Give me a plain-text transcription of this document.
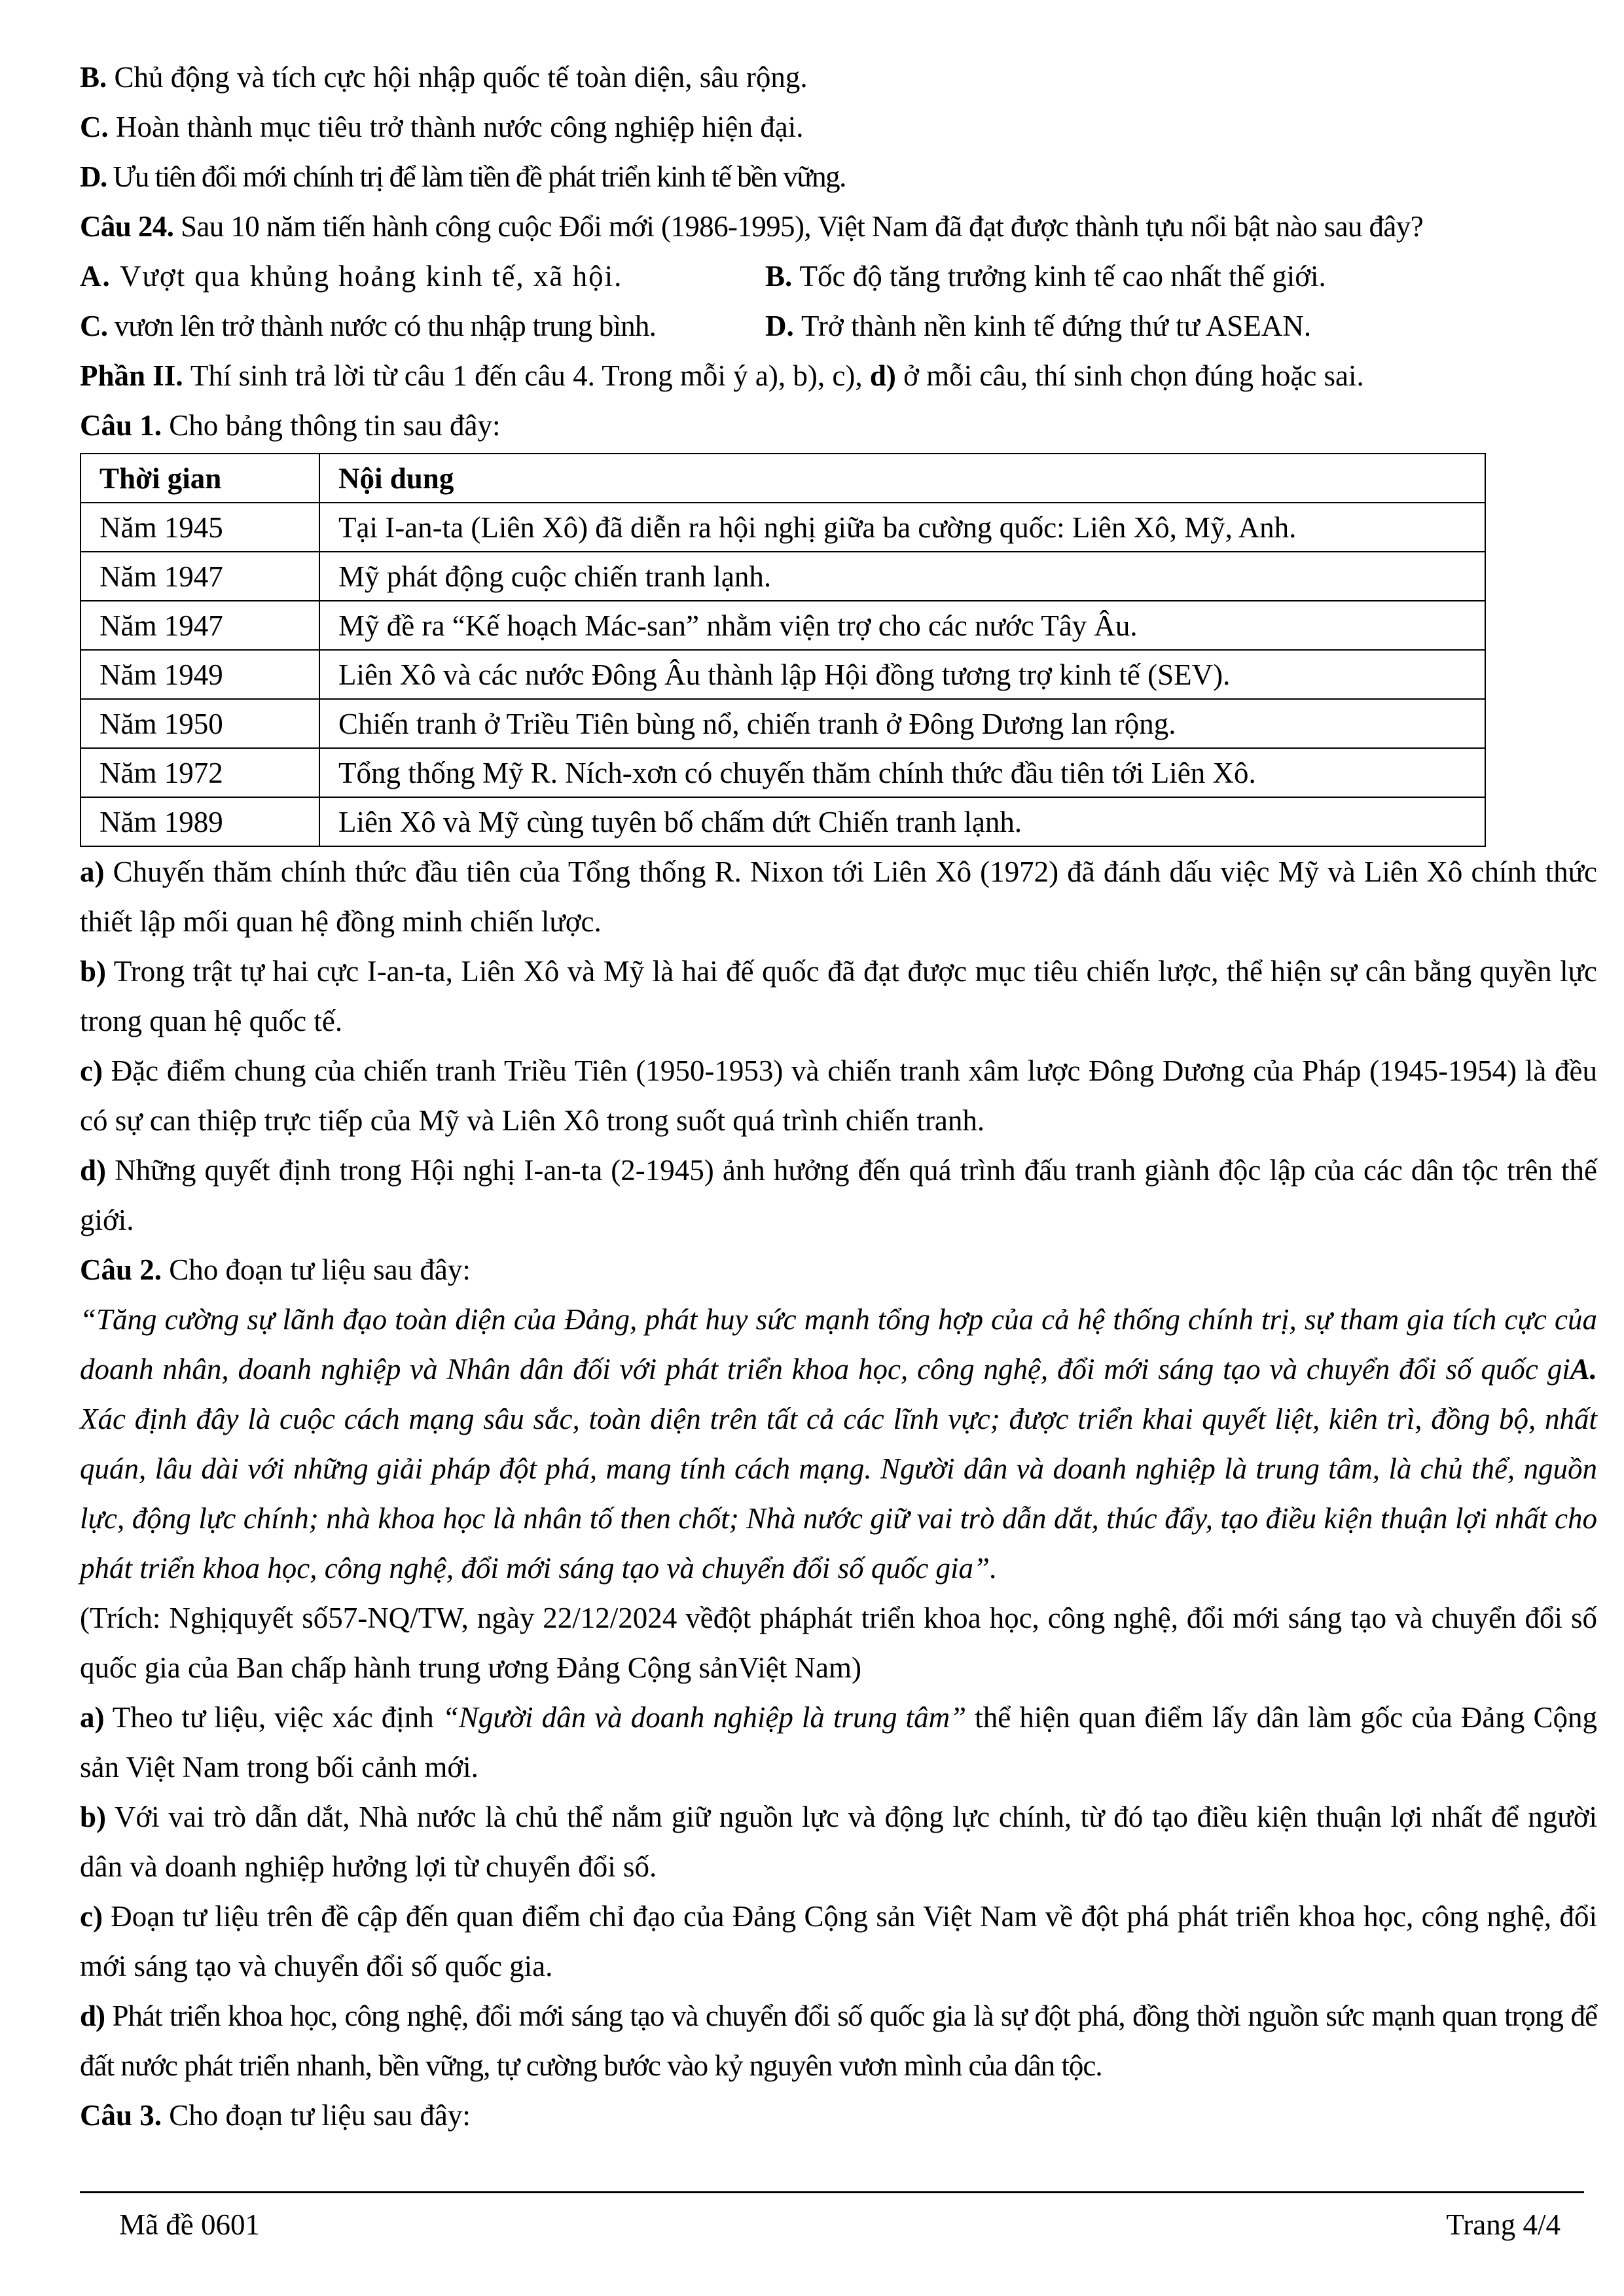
B.
Chủ động và tích cực hội nhập quốc tế toàn diện, sâu rộng.
C.
Hoàn thành mục tiêu trở thành nước công nghiệp hiện đại.
D.
Ưu tiên đổi mới chính trị để làm tiền đề phát triển kinh tế bền vững.
Câu 24.
Sau 10 năm tiến hành công cuộc Đổi mới (1986-1995), Việt Nam đã đạt được thành tựu nổi bật nào sau đây?
A. Vượt qua khủng hoảng kinh tế, xã hội.	B. Tốc độ tăng trưởng kinh tế cao nhất thế giới.
C. vươn lên trở thành nước có thu nhập trung bình.	D. Trở thành nền kinh tế đứng thứ tư ASEAN.
Phần II.
Thí sinh trả lời từ câu 1 đến câu 4. Trong mỗi ý a), b), c),
d)
ở mỗi câu, thí sinh chọn đúng hoặc sai.
Câu 1.
Cho bảng thông tin sau đây:
Thời gian	Nội dung
Năm 1945	Tại I-an-ta (Liên Xô) đã diễn ra hội nghị giữa ba cường quốc: Liên Xô, Mỹ, Anh.
Năm 1947	Mỹ phát động cuộc chiến tranh lạnh.
Năm 1947	Mỹ đề ra “Kế hoạch Mác-san” nhằm viện trợ cho các nước Tây Âu.
Năm 1949	Liên Xô và các nước Đông Âu thành lập Hội đồng tương trợ kinh tế (SEV).
Năm 1950	Chiến tranh ở Triều Tiên bùng nổ, chiến tranh ở Đông Dương lan rộng.
Năm 1972	Tổng thống Mỹ R. Ních-xơn có chuyến thăm chính thức đầu tiên tới Liên Xô.
Năm 1989	Liên Xô và Mỹ cùng tuyên bố chấm dứt Chiến tranh lạnh.

a) Chuyến thăm chính thức đầu tiên của Tổng thống R. Nixon tới Liên Xô (1972) đã đánh dấu việc Mỹ và Liên Xô chính thức thiết lập mối quan hệ đồng minh chiến lược.

b) Trong trật tự hai cực I-an-ta, Liên Xô và Mỹ là hai đế quốc đã đạt được mục tiêu chiến lược, thể hiện sự cân bằng quyền lực trong quan hệ quốc tế.

c) Đặc điểm chung của chiến tranh Triều Tiên (1950-1953) và chiến tranh xâm lược Đông Dương của Pháp (1945-1954) là đều có sự can thiệp trực tiếp của Mỹ và Liên Xô trong suốt quá trình chiến tranh.

d) Những quyết định trong Hội nghị I-an-ta (2-1945) ảnh hưởng đến quá trình đấu tranh giành độc lập của các dân tộc trên thế giới.

Câu 2.
Cho đoạn tư liệu sau đây:

“Tăng cường sự lãnh đạo toàn diện của Đảng, phát huy sức mạnh tổng hợp của cả hệ thống chính trị, sự tham gia tích cực của doanh nhân, doanh nghiệp và Nhân dân đối với phát triển khoa học, công nghệ, đổi mới sáng tạo và chuyển đổi số quốc giA. Xác định đây là cuộc cách mạng sâu sắc, toàn diện trên tất cả các lĩnh vực; được triển khai quyết liệt, kiên trì, đồng bộ, nhất quán, lâu dài với những giải pháp đột phá, mang tính cách mạng. Người dân và doanh nghiệp là trung tâm, là chủ thể, nguồn lực, động lực chính; nhà khoa học là nhân tố then chốt; Nhà nước giữ vai trò dẫn dắt, thúc đẩy, tạo điều kiện thuận lợi nhất cho phát triển khoa học, công nghệ, đổi mới sáng tạo và chuyển đổi số quốc gia”.

(Trích: Nghịquyết số57-NQ/TW, ngày 22/12/2024 vềđột pháphát triển khoa học, công nghệ, đổi mới sáng tạo và chuyển đổi số quốc gia của Ban chấp hành trung ương Đảng Cộng sảnViệt Nam)

a) Theo tư liệu, việc xác định “Người dân và doanh nghiệp là trung tâm” thể hiện quan điểm lấy dân làm gốc của Đảng Cộng sản Việt Nam trong bối cảnh mới.

b) Với vai trò dẫn dắt, Nhà nước là chủ thể nắm giữ nguồn lực và động lực chính, từ đó tạo điều kiện thuận lợi nhất để người dân và doanh nghiệp hưởng lợi từ chuyển đổi số.

c) Đoạn tư liệu trên đề cập đến quan điểm chỉ đạo của Đảng Cộng sản Việt Nam về đột phá phát triển khoa học, công nghệ, đổi mới sáng tạo và chuyển đổi số quốc gia.

d) Phát triển khoa học, công nghệ, đổi mới sáng tạo và chuyển đổi số quốc gia là sự đột phá, đồng thời nguồn sức mạnh quan trọng để đất nước phát triển nhanh, bền vững, tự cường bước vào kỷ nguyên vươn mình của dân tộc.

Câu 3.
Cho đoạn tư liệu sau đây:
Mã đề 0601	Trang 4/4
